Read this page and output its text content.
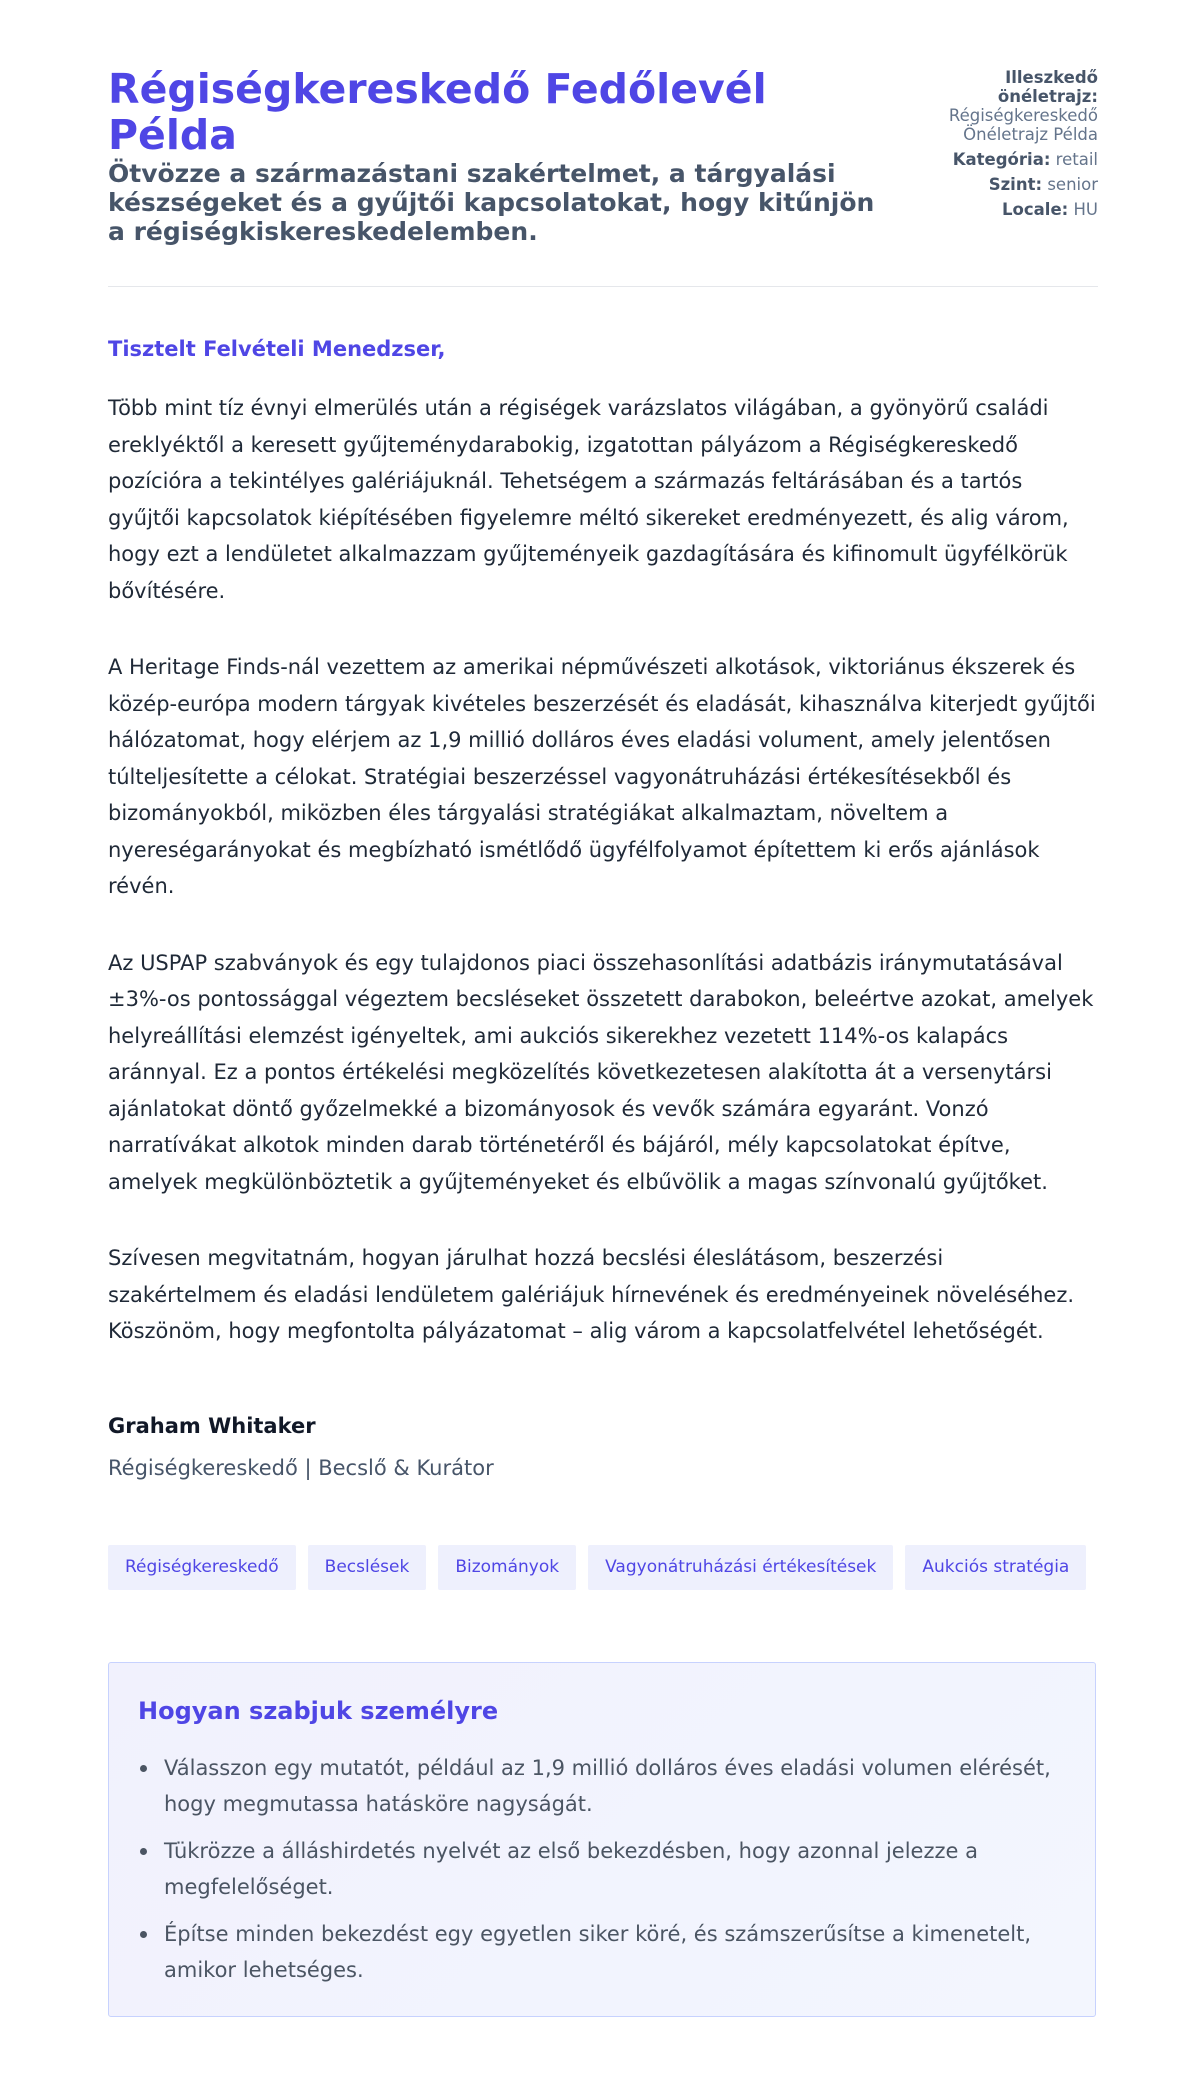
Régiségkereskedő Fedőlevél Példa
Ötvözze a származástani szakértelmet, a tárgyalási készségeket és a gyűjtői kapcsolatokat, hogy kitűnjön a régiségkiskereskedelemben.
Illeszkedő önéletrajz:
Régiségkereskedő Önéletrajz Példa
Kategória: retail
Szint: senior
Locale: HU

Tisztelt Felvételi Menedzser,

Több mint tíz évnyi elmerülés után a régiségek varázslatos világában, a gyönyörű családi ereklyéktől a keresett gyűjteménydarabokig, izgatottan pályázom a Régiségkereskedő pozícióra a tekintélyes galériájuknál. Tehetségem a származás feltárásában és a tartós gyűjtői kapcsolatok kiépítésében figyelemre méltó sikereket eredményezett, és alig várom, hogy ezt a lendületet alkalmazzam gyűjteményeik gazdagítására és kifinomult ügyfélkörük bővítésére.

A Heritage Finds-nál vezettem az amerikai népművészeti alkotások, viktoriánus ékszerek és közép-európa modern tárgyak kivételes beszerzését és eladását, kihasználva kiterjedt gyűjtői hálózatomat, hogy elérjem az 1,9 millió dolláros éves eladási volument, amely jelentősen túlteljesítette a célokat. Stratégiai beszerzéssel vagyonátruházási értékesítésekből és bizományokból, miközben éles tárgyalási stratégiákat alkalmaztam, növeltem a nyereségarányokat és megbízható ismétlődő ügyfélfolyamot építettem ki erős ajánlások révén.

Az USPAP szabványok és egy tulajdonos piaci összehasonlítási adatbázis iránymutatásával ±3%-os pontossággal végeztem becsléseket összetett darabokon, beleértve azokat, amelyek helyreállítási elemzést igényeltek, ami aukciós sikerekhez vezetett 114%-os kalapács aránnyal. Ez a pontos értékelési megközelítés következetesen alakította át a versenytársi ajánlatokat döntő győzelmekké a bizományosok és vevők számára egyaránt. Vonzó narratívákat alkotok minden darab történetéről és bájáról, mély kapcsolatokat építve, amelyek megkülönböztetik a gyűjteményeket és elbűvölik a magas színvonalú gyűjtőket.

Szívesen megvitatnám, hogyan járulhat hozzá becslési éleslátásom, beszerzési szakértelmem és eladási lendületem galériájuk hírnevének és eredményeinek növeléséhez. Köszönöm, hogy megfontolta pályázatomat – alig várom a kapcsolatfelvétel lehetőségét.

Graham Whitaker

Régiségkereskedő | Becslő & Kurátor

Régiségkereskedő	Becslések	Bizományok	Vagyonátruházási értékesítések	Aukciós stratégia
Hogyan szabjuk személyre
Válasszon egy mutatót, például az 1,9 millió dolláros éves eladási volumen elérését, hogy megmutassa hatásköre nagyságát.
Tükrözze a álláshirdetés nyelvét az első bekezdésben, hogy azonnal jelezze a megfelelőséget.
Építse minden bekezdést egy egyetlen siker köré, és számszerűsítse a kimenetelt, amikor lehetséges.
